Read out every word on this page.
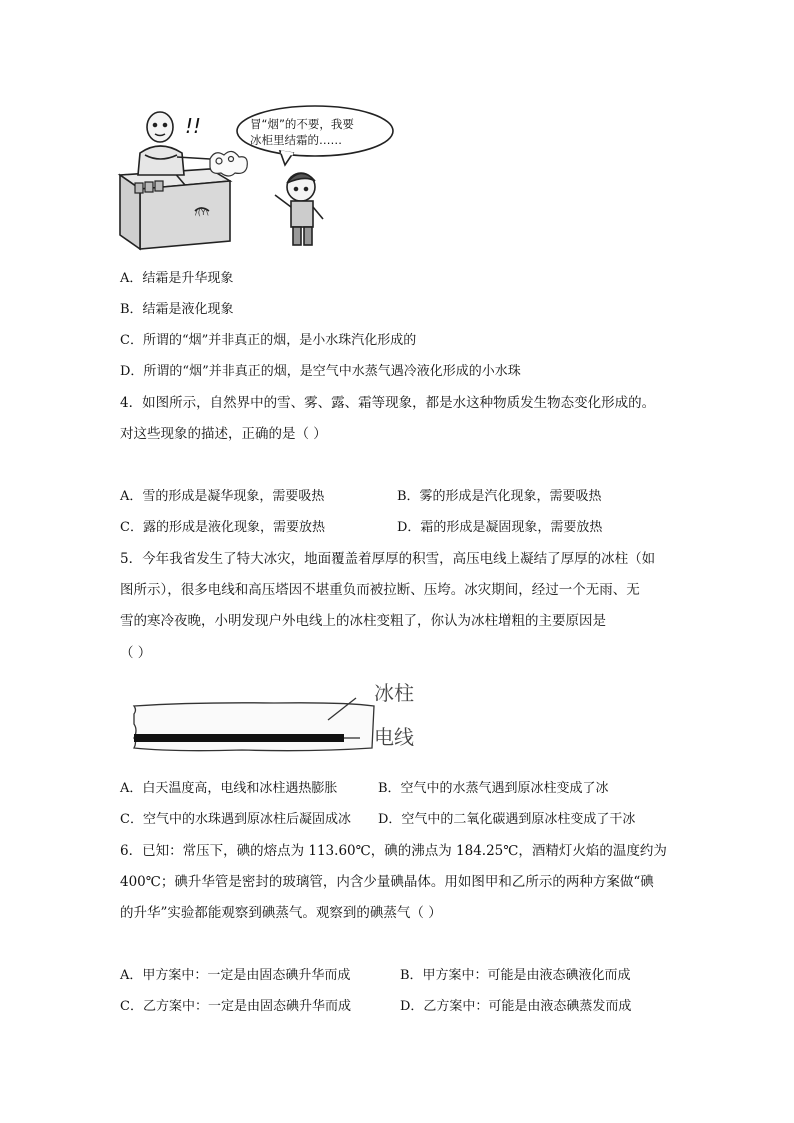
/(Y\
!!	冒“烟”的不要，我要
冰柜里结霜的……
A．结霜是升华现象
B．结霜是液化现象
C．所谓的“烟”并非真正的烟，是小水珠汽化形成的
D．所谓的“烟”并非真正的烟，是空气中水蒸气遇冷液化形成的小水珠
4．如图所示，自然界中的雪、雾、露、霜等现象，都是水这种物质发生物态变化形成的。
对这些现象的描述，正确的是（ ）
A．雪的形成是凝华现象，需要吸热	B．雾的形成是汽化现象，需要吸热
C．露的形成是液化现象，需要放热	D．霜的形成是凝固现象，需要放热
5．今年我省发生了特大冰灾，地面覆盖着厚厚的积雪，高压电线上凝结了厚厚的冰柱（如
图所示），很多电线和高压塔因不堪重负而被拉断、压垮。冰灾期间，经过一个无雨、无
雪的寒冷夜晚，小明发现户外电线上的冰柱变粗了，你认为冰柱增粗的主要原因是
（ ）
冰柱
电线
A．白天温度高，电线和冰柱遇热膨胀	B．空气中的水蒸气遇到原冰柱变成了冰
C．空气中的水珠遇到原冰柱后凝固成冰 D．空气中的二氧化碳遇到原冰柱变成了干冰
6．已知：常压下，碘的熔点为 113.60℃，碘的沸点为 184.25℃，酒精灯火焰的温度约为
400℃；碘升华管是密封的玻璃管，内含少量碘晶体。用如图甲和乙所示的两种方案做“碘
的升华”实验都能观察到碘蒸气。观察到的碘蒸气（ ）
A．甲方案中：一定是由固态碘升华而成	B．甲方案中：可能是由液态碘液化而成
C．乙方案中：一定是由固态碘升华而成	D．乙方案中：可能是由液态碘蒸发而成
